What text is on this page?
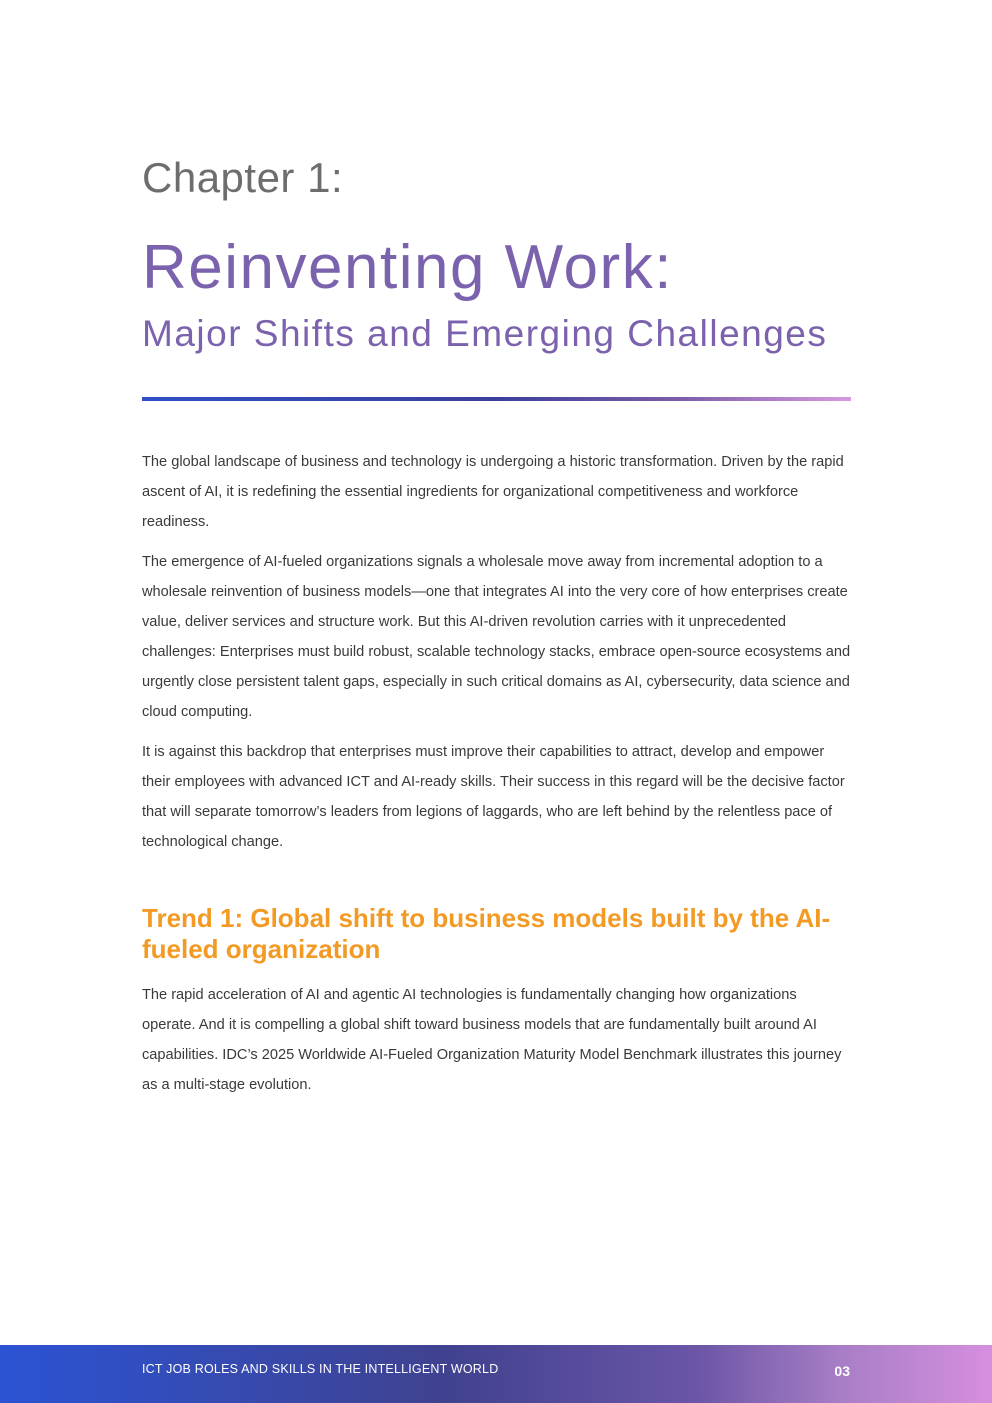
Chapter 1:
Reinventing Work:
Major Shifts and Emerging Challenges

The global landscape of business and technology is undergoing a historic transformation. Driven by the rapid ascent of AI, it is redefining the essential ingredients for organizational competitiveness and workforce readiness.

The emergence of AI-fueled organizations signals a wholesale move away from incremental adoption to a wholesale reinvention of business models—one that integrates AI into the very core of how enterprises create value, deliver services and structure work. But this AI-driven revolution carries with it unprecedented challenges: Enterprises must build robust, scalable technology stacks, embrace open-source ecosystems and urgently close persistent talent gaps, especially in such critical domains as AI, cybersecurity, data science and cloud computing.

It is against this backdrop that enterprises must improve their capabilities to attract, develop and empower their employees with advanced ICT and AI-ready skills. Their success in this regard will be the decisive factor that will separate tomorrow’s leaders from legions of laggards, who are left behind by the relentless pace of technological change.

Trend 1: Global shift to business models built by the AI-fueled organization

The rapid acceleration of AI and agentic AI technologies is fundamentally changing how organizations operate. And it is compelling a global shift toward business models that are fundamentally built around AI capabilities. IDC’s 2025 Worldwide AI-Fueled Organization Maturity Model Benchmark illustrates this journey as a multi-stage evolution.

ICT JOB ROLES AND SKILLS IN THE INTELLIGENT WORLD	03
